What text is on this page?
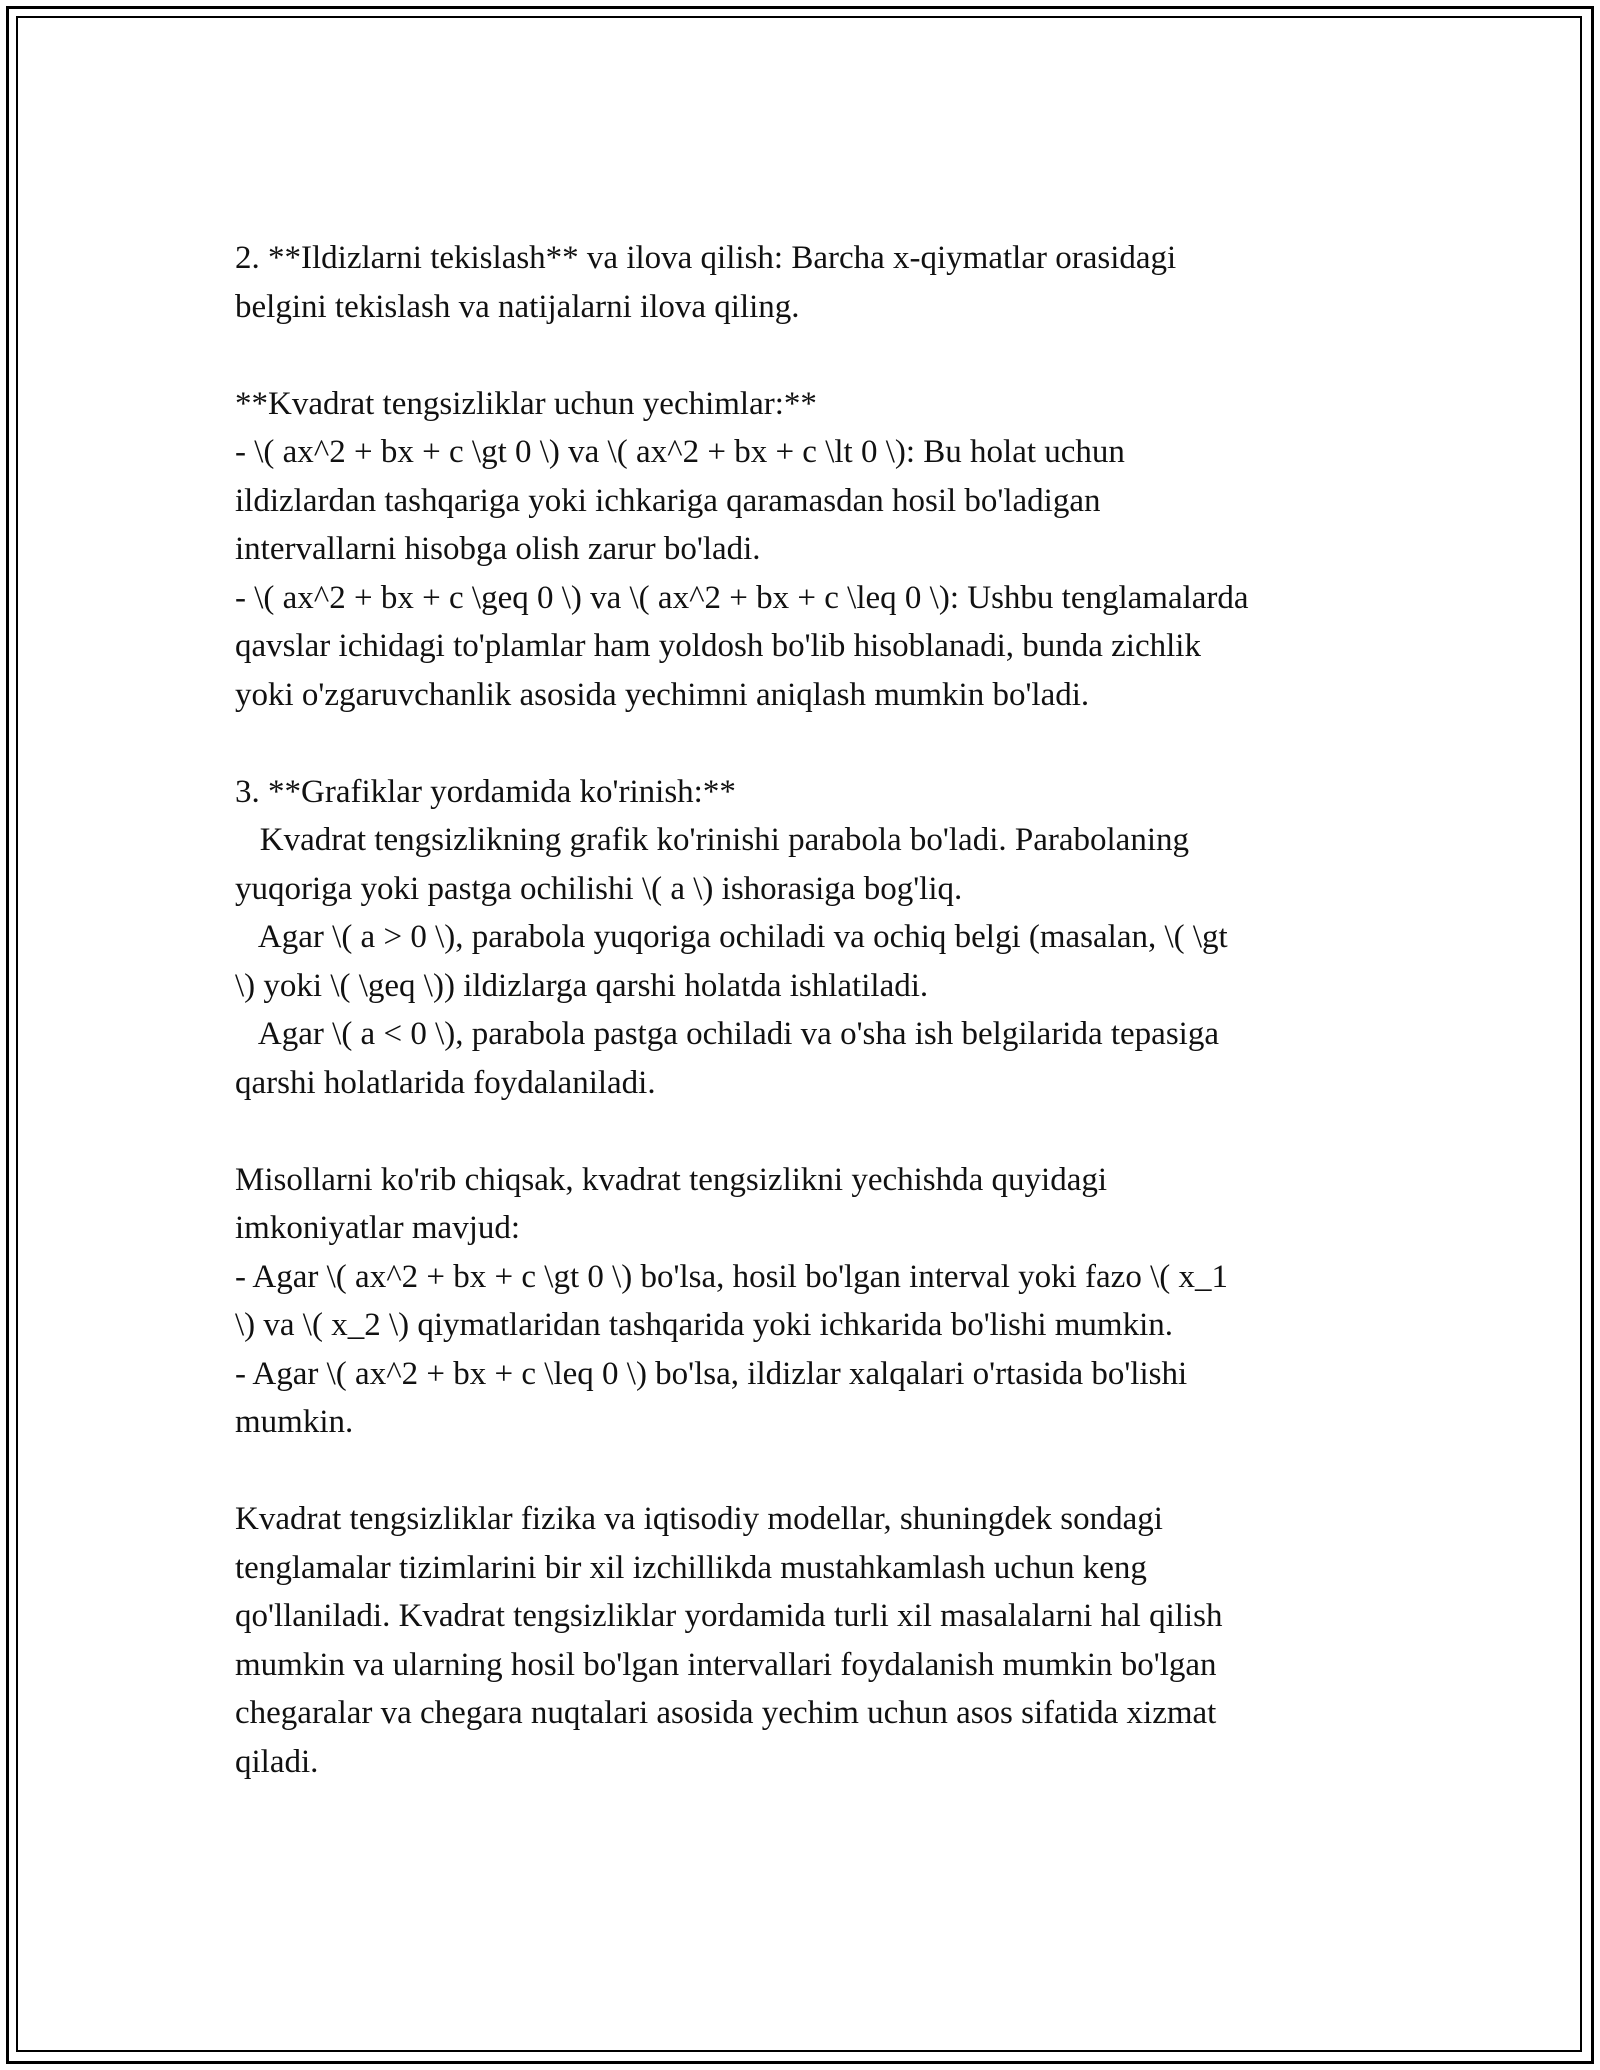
2. **Ildizlarni tekislash** va ilova qilish: Barcha x-qiymatlar orasidagi
belgini tekislash va natijalarni ilova qiling.
**Kvadrat tengsizliklar uchun yechimlar:**
- \( ax^2 + bx + c \gt 0 \) va \( ax^2 + bx + c \lt 0 \): Bu holat uchun
ildizlardan tashqariga yoki ichkariga qaramasdan hosil bo'ladigan
intervallarni hisobga olish zarur bo'ladi.
- \( ax^2 + bx + c \geq 0 \) va \( ax^2 + bx + c \leq 0 \): Ushbu tenglamalarda
qavslar ichidagi to'plamlar ham yoldosh bo'lib hisoblanadi, bunda zichlik
yoki o'zgaruvchanlik asosida yechimni aniqlash mumkin bo'ladi.
3. **Grafiklar yordamida ko'rinish:**
Kvadrat tengsizlikning grafik ko'rinishi parabola bo'ladi. Parabolaning
yuqoriga yoki pastga ochilishi \( a \) ishorasiga bog'liq.
Agar \( a > 0 \), parabola yuqoriga ochiladi va ochiq belgi (masalan, \( \gt
\) yoki \( \geq \)) ildizlarga qarshi holatda ishlatiladi.
Agar \( a < 0 \), parabola pastga ochiladi va o'sha ish belgilarida tepasiga
qarshi holatlarida foydalaniladi.
Misollarni ko'rib chiqsak, kvadrat tengsizlikni yechishda quyidagi
imkoniyatlar mavjud:
- Agar \( ax^2 + bx + c \gt 0 \) bo'lsa, hosil bo'lgan interval yoki fazo \( x_1
\) va \( x_2 \) qiymatlaridan tashqarida yoki ichkarida bo'lishi mumkin.
- Agar \( ax^2 + bx + c \leq 0 \) bo'lsa, ildizlar xalqalari o'rtasida bo'lishi
mumkin.
Kvadrat tengsizliklar fizika va iqtisodiy modellar, shuningdek sondagi
tenglamalar tizimlarini bir xil izchillikda mustahkamlash uchun keng
qo'llaniladi. Kvadrat tengsizliklar yordamida turli xil masalalarni hal qilish
mumkin va ularning hosil bo'lgan intervallari foydalanish mumkin bo'lgan
chegaralar va chegara nuqtalari asosida yechim uchun asos sifatida xizmat
qiladi.
